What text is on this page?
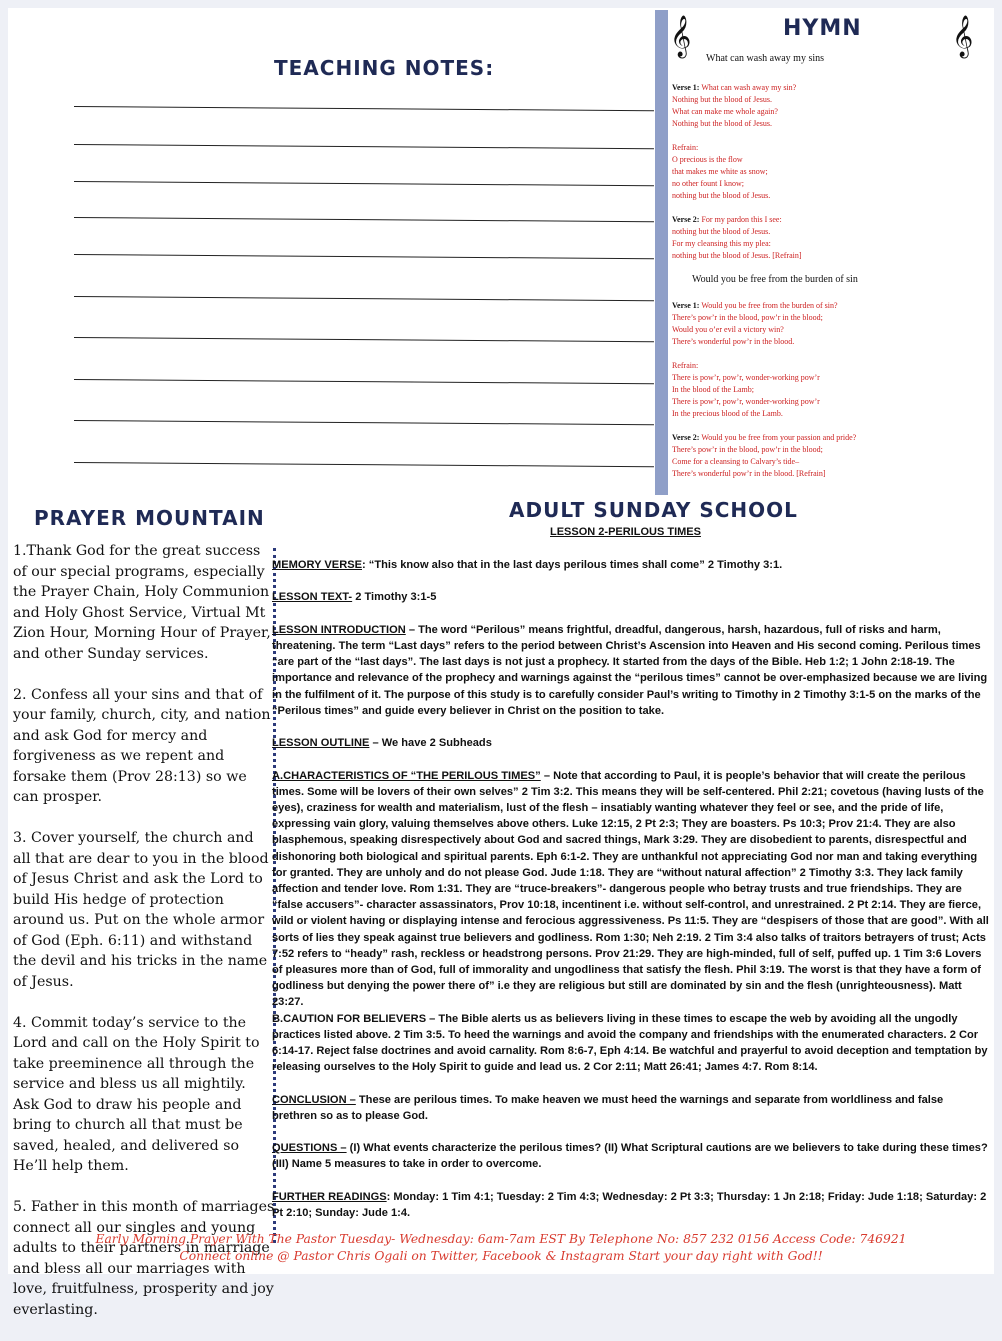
TEACHING NOTES:
𝄞	𝄞
HYMN
What can wash away my sins

Verse 1: What can wash away my sin?
Nothing but the blood of Jesus.
What can make me whole again?
Nothing but the blood of Jesus.

Refrain:
O precious is the flow
that makes me white as snow;
no other fount I know;
nothing but the blood of Jesus.

Verse 2: For my pardon this I see:
nothing but the blood of Jesus.
For my cleansing this my plea:
nothing but the blood of Jesus. [Refrain]

Would you be free from the burden of sin

Verse 1: Would you be free from the burden of sin?
There’s pow’r in the blood, pow’r in the blood;
Would you o’er evil a victory win?
There’s wonderful pow’r in the blood.

Refrain:
There is pow’r, pow’r, wonder-working pow’r
In the blood of the Lamb;
There is pow’r, pow’r, wonder-working pow’r
In the precious blood of the Lamb.

Verse 2: Would you be free from your passion and pride?
There’s pow’r in the blood, pow’r in the blood;
Come for a cleansing to Calvary’s tide–
There’s wonderful pow’r in the blood. [Refrain]

PRAYER MOUNTAIN

1.Thank God for the great success of our special programs, especially the Prayer Chain, Holy Communion and Holy Ghost Service, Virtual Mt Zion Hour, Morning Hour of Prayer, and other Sunday services.

2. Confess all your sins and that of your family, church, city, and nation and ask God for mercy and forgiveness as we repent and forsake them (Prov 28:13) so we can prosper.

3. Cover yourself, the church and all that are dear to you in the blood of Jesus Christ and ask the Lord to build His hedge of protection around us. Put on the whole armor of God (Eph. 6:11) and withstand the devil and his tricks in the name of Jesus.

4. Commit today’s service to the Lord and call on the Holy Spirit to take preeminence all through the service and bless us all mightily. Ask God to draw his people and bring to church all that must be saved, healed, and delivered so He’ll help them.

5. Father in this month of marriages connect all our singles and young adults to their partners in marriage and bless all our marriages with love, fruitfulness, prosperity and joy everlasting.

ADULT SUNDAY SCHOOL
LESSON 2-PERILOUS TIMES

MEMORY VERSE: “This know also that in the last days perilous times shall come” 2 Timothy 3:1.

LESSON TEXT- 2 Timothy 3:1-5

LESSON INTRODUCTION – The word “Perilous” means frightful, dreadful, dangerous, harsh, hazardous, full of risks and harm, threatening. The term “Last days” refers to the period between Christ’s Ascension into Heaven and His second coming. Perilous times “are part of the “last days”. The last days is not just a prophecy. It started from the days of the Bible. Heb 1:2; 1 John 2:18-19. The importance and relevance of the prophecy and warnings against the “perilous times” cannot be over-emphasized because we are living in the fulfilment of it. The purpose of this study is to carefully consider Paul’s writing to Timothy in 2 Timothy 3:1-5 on the marks of the “Perilous times” and guide every believer in Christ on the position to take.

LESSON OUTLINE – We have 2 Subheads

A.CHARACTERISTICS OF “THE PERILOUS TIMES” – Note that according to Paul, it is people’s behavior that will create the perilous times. Some will be lovers of their own selves” 2 Tim 3:2. This means they will be self-centered. Phil 2:21; covetous (having lusts of the eyes), craziness for wealth and materialism, lust of the flesh – insatiably wanting whatever they feel or see, and the pride of life, expressing vain glory, valuing themselves above others. Luke 12:15, 2 Pt 2:3; They are boasters. Ps 10:3; Prov 21:4. They are also blasphemous, speaking disrespectively about God and sacred things, Mark 3:29. They are disobedient to parents, disrespectful and dishonoring both biological and spiritual parents. Eph 6:1-2. They are unthankful not appreciating God nor man and taking everything for granted. They are unholy and do not please God. Jude 1:18. They are “without natural affection” 2 Timothy 3:3. They lack family affection and tender love. Rom 1:31. They are “truce-breakers”- dangerous people who betray trusts and true friendships. They are “false accusers”- character assassinators, Prov 10:18, incentinent i.e. without self-control, and unrestrained. 2 Pt 2:14. They are fierce, wild or violent having or displaying intense and ferocious aggressiveness. Ps 11:5. They are “despisers of those that are good”. With all sorts of lies they speak against true believers and godliness. Rom 1:30; Neh 2:19. 2 Tim 3:4 also talks of traitors betrayers of trust; Acts 7:52 refers to “heady” rash, reckless or headstrong persons. Prov 21:29. They are high-minded, full of self, puffed up. 1 Tim 3:6 Lovers of pleasures more than of God, full of immorality and ungodliness that satisfy the flesh. Phil 3:19. The worst is that they have a form of godliness but denying the power there of” i.e they are religious but still are dominated by sin and the flesh (unrighteousness). Matt 23:27.

B.CAUTION FOR BELIEVERS – The Bible alerts us as believers living in these times to escape the web by avoiding all the ungodly practices listed above. 2 Tim 3:5. To heed the warnings and avoid the company and friendships with the enumerated characters. 2 Cor 6:14-17. Reject false doctrines and avoid carnality. Rom 8:6-7, Eph 4:14. Be watchful and prayerful to avoid deception and temptation by releasing ourselves to the Holy Spirit to guide and lead us. 2 Cor 2:11; Matt 26:41; James 4:7. Rom 8:14.

CONCLUSION – These are perilous times. To make heaven we must heed the warnings and separate from worldliness and false brethren so as to please God.

QUESTIONS – (I) What events characterize the perilous times? (II) What Scriptural cautions are we believers to take during these times? (III) Name 5 measures to take in order to overcome.

FURTHER READINGS: Monday: 1 Tim 4:1; Tuesday: 2 Tim 4:3; Wednesday: 2 Pt 3:3; Thursday: 1 Jn 2:18; Friday: Jude 1:18; Saturday: 2 Pt 2:10; Sunday: Jude 1:4.

Early Morning Prayer With The Pastor Tuesday- Wednesday: 6am-7am EST By Telephone No: 857 232 0156 Access Code: 746921
Connect online @ Pastor Chris Ogali on Twitter, Facebook & Instagram Start your day right with God!!
